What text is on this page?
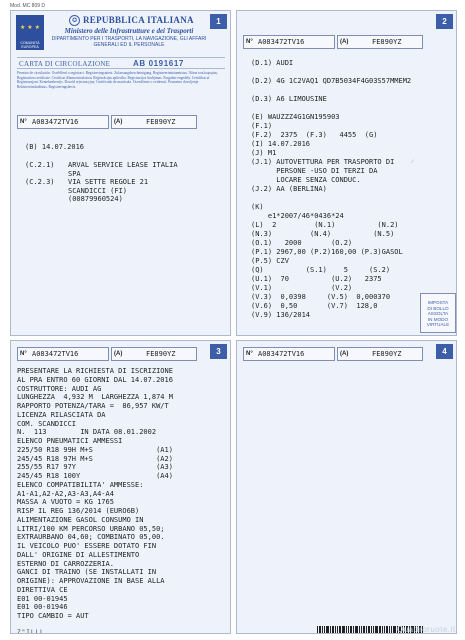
Mod. MC 809 D
1
★ ★ ★
COMUNITÀ EUROPEA
✪ REPUBBLICA ITALIANA
Ministero delle Infrastrutture e dei Trasporti
DIPARTIMENTO PER I TRASPORTI, LA NAVIGAZIONE, GLI AFFARI GENERALI ED IL PERSONALE
CARTA DI CIRCOLAZIONE	AB 0191617
Permiso de circulación. Osvědčení o registraci. Registreringsattest. Zulassungsbescheinigung. Registreerimistunnistus. Άδεια κυκλοφορίας. Registration certificate. Certificat d'immatriculation. Reģistrācijas apliecība. Registracijos liudijimas. Forgalmi engedély. Certifikat ta' Reġistrazzjoni. Kentekenbewijs. Dowód rejestracyjny. Certificado de matrícula. Osvedčenie o evidencii. Prometno dovoljenje. Rekisteröintitodistus. Registreringsbevis.
N° A083472TV16	(A)	FE890YZ
(B) 14.07.2016
(C.2.1) ARVAL SERVICE LEASE ITALIA
SPA
(C.2.3) VIA SETTE REGOLE 21
SCANDICCI (FI)
(00879960524)
2
N° A083472TV16	(A)	FE890YZ
(D.1) AUDI
(D.2) 4G 1C2VAQ1 QD7B5034F4G03S57MMEM2
(D.3) A6 LIMOUSINE
(E) WAUZZZ4G1GN195903
(F.1)
(F.2)  2375  (F.3)   4455  (G)
(I) 14.07.2016
(J) M1
(J.1) AUTOVETTURA PER TRASPORTO DI
PERSONE -USO DI TERZI DA
LOCARE SENZA CONDUC.
(J.2) AA (BERLINA)
(K)
e1*2007/46*0436*24
(L)  2         (N.1)          (N.2)
(N.3)         (N.4)          (N.5)
(O.1)   2000       (O.2)
(P.1) 2967,00 (P.2)160,00 (P.3)GASOL
(P.5) CZV
(Q)          (S.1)    5     (S.2)
(U.1)  70          (U.2)   2375
(V.1)              (V.2)
(V.3)  0,0398     (V.5)  0,000370
(V.6)  0,50       (V.7)  128,0
(V.9) 136/2014
⁄
IMPOSTA
DI BOLLO
ASSOLTA
IN MODO
VIRTUALE
3
N° A083472TV16	(A)	FE890YZ
PRESENTARE LA RICHIESTA DI ISCRIZIONE
AL PRA ENTRO 60 GIORNI DAL 14.07.2016
COSTRUTTORE: AUDI AG
LUNGHEZZA  4,932 M  LARGHEZZA 1,874 M
RAPPORTO POTENZA/TARA =  86,957 KW/T
LICENZA RILASCIATA DA
COM. SCANDICCI
N.  113        IN DATA 08.01.2002
ELENCO PNEUMATICI AMMESSI
225/50 R18 99H M+S               (A1)
245/45 R18 97H M+S               (A2)
255/55 R17 97Y                   (A3)
245/45 R18 100Y                  (A4)
ELENCO COMPATIBILITA' AMMESSE:
A1-A1,A2-A2,A3-A3,A4-A4
MASSA A VUOTO = KG 1765
RISP IL REG 136/2014 (EURO6B)
ALIMENTAZIONE GASOL CONSUMO IN
LITRI/100 KM PERCORSO URBANO 05,50;
EXTRAURBANO 04,60; COMBINATO 05,00.
IL VEICOLO PUO' ESSERE DOTATO FIN
DALL' ORIGINE DI ALLESTIMENTO
ESTERNO DI CARROZZERIA.
GANCI DI TRAINO (SE INSTALLATI IN
ORIGINE): APPROVAZIONE IN BASE ALLA
DIRETTIVA CE
E01 00-01945
E01 00-01946
TIPO CAMBIO = AUT
Z"ILLL
4
N° A083472TV16	(A)	FE890YZ
Quattroruote.it
